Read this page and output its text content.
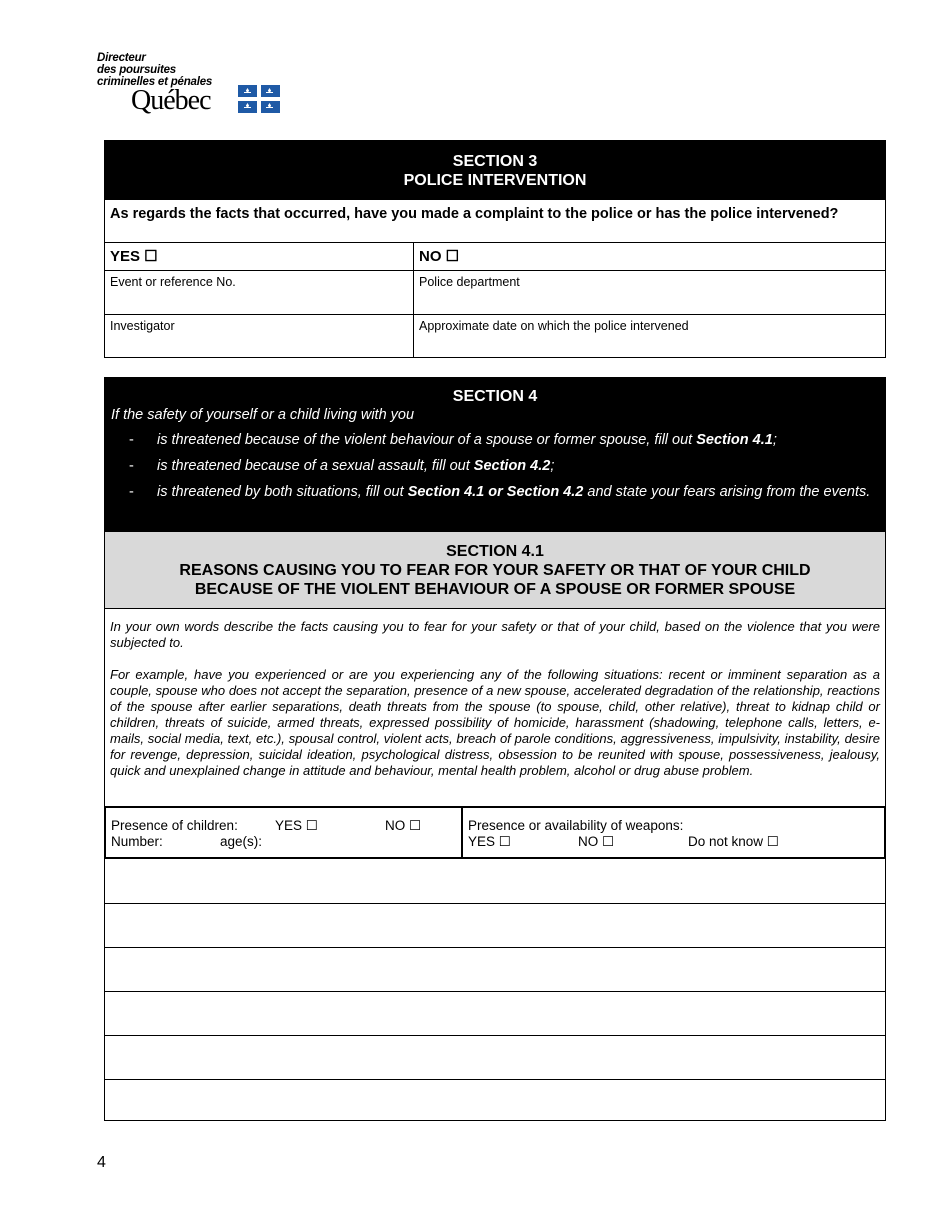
Directeur
des poursuites
criminelles et pénales
Québec
SECTION 3
POLICE INTERVENTION
As regards the facts that occurred, have you made a complaint to the police or has the police intervened?
YES ☐	NO ☐
Event or reference No.	Police department
Investigator	Approximate date on which the police intervened
SECTION 4
If the safety of yourself or a child living with you
- is threatened because of the violent behaviour of a spouse or former spouse, fill out Section 4.1;
- is threatened because of a sexual assault, fill out Section 4.2;
- is threatened by both situations, fill out Section 4.1 or Section 4.2 and state your fears arising from the events.
SECTION 4.1
REASONS CAUSING YOU TO FEAR FOR YOUR SAFETY OR THAT OF YOUR CHILD
BECAUSE OF THE VIOLENT BEHAVIOUR OF A SPOUSE OR FORMER SPOUSE

In your own words describe the facts causing you to fear for your safety or that of your child, based on the violence that you were subjected to.

For example, have you experienced or are you experiencing any of the following situations: recent or imminent separation as a couple, spouse who does not accept the separation, presence of a new spouse, accelerated degradation of the relationship, reactions of the spouse after earlier separations, death threats from the spouse (to spouse, child, other relative), threat to kidnap child or children, threats of suicide, armed threats, expressed possibility of homicide, harassment (shadowing, telephone calls, letters, e-mails, social media, text, etc.), spousal control, violent acts, breach of parole conditions, aggressiveness, impulsivity, instability, desire for revenge, depression, suicidal ideation, psychological distress, obsession to be reunited with spouse, possessiveness, jealousy, quick and unexplained change in attitude and behaviour, mental health problem, alcohol or drug abuse problem.

Presence of children:	YES ☐	NO ☐
Number:	age(s):
Presence or availability of weapons:
YES ☐	NO ☐	Do not know ☐
4
